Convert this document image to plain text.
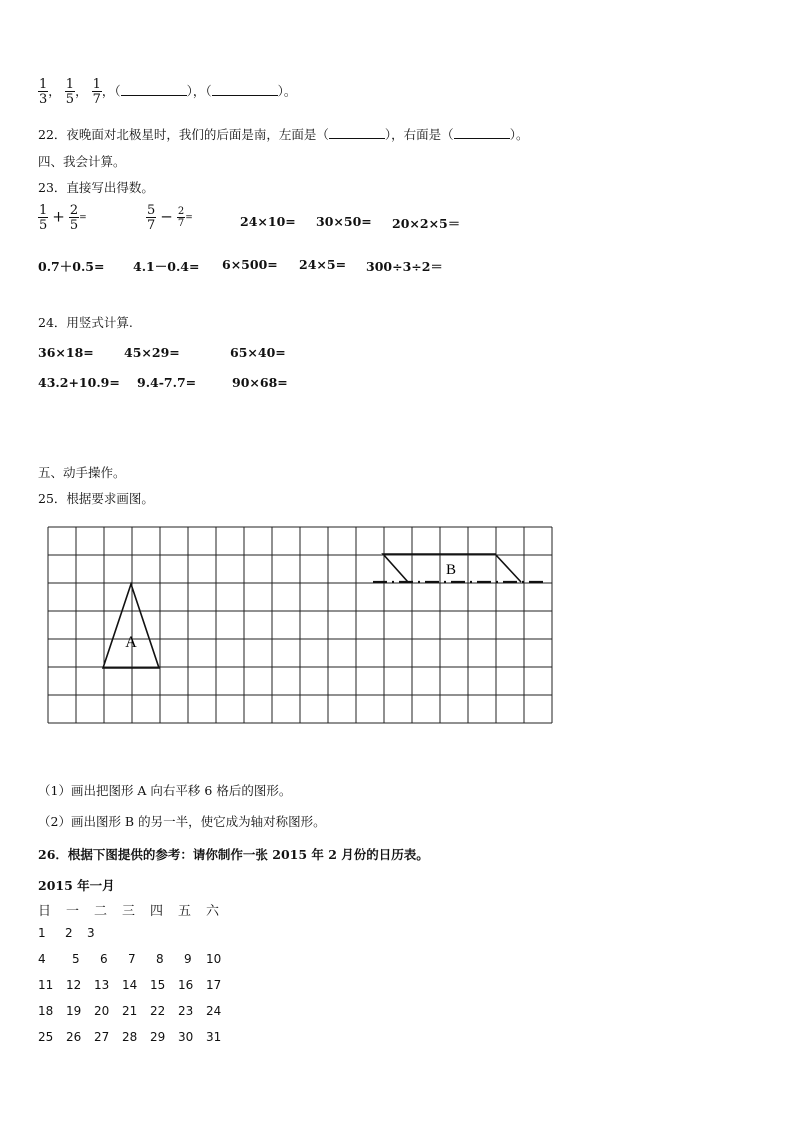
$\frac{1}{3}$ ， $\frac{1}{5}$ ， $\frac{1}{7}$ ，（	），（	）。
22．夜晚面对北极星时，我们的后面是南，左面是（	），右面是（	）。
四、我会计算。
23．直接写出得数。
$\frac{1}{5} + \frac{2}{5}$ =	$\frac{5}{7} - \frac{2}{7}$ =	24×10= 30×50= 20×2×5＝
0.7＋0.5= 4.1－0.4= 6×500= 24×5= 300÷3÷2＝
24．用竖式计算.
36×18= 45×29=	65×40=
43.2+10.9= 9.4-7.7=	90×68=
五、动手操作。
25．根据要求画图。
A
B
（1）画出把图形 A 向右平移 6 格后的图形。
（2）画出图形 B 的另一半，使它成为轴对称图形。
26．根据下图提供的参考：请你制作一张 2015 年 2 月份的日历表。
2015 年一月
日	一	二	三	四	五	六
1	2	3
4	5	6	7	8	9	10
11	12	13	14	15	16	17
18	19	20	21	22	23	24
25	26	27	28	29	30	31
